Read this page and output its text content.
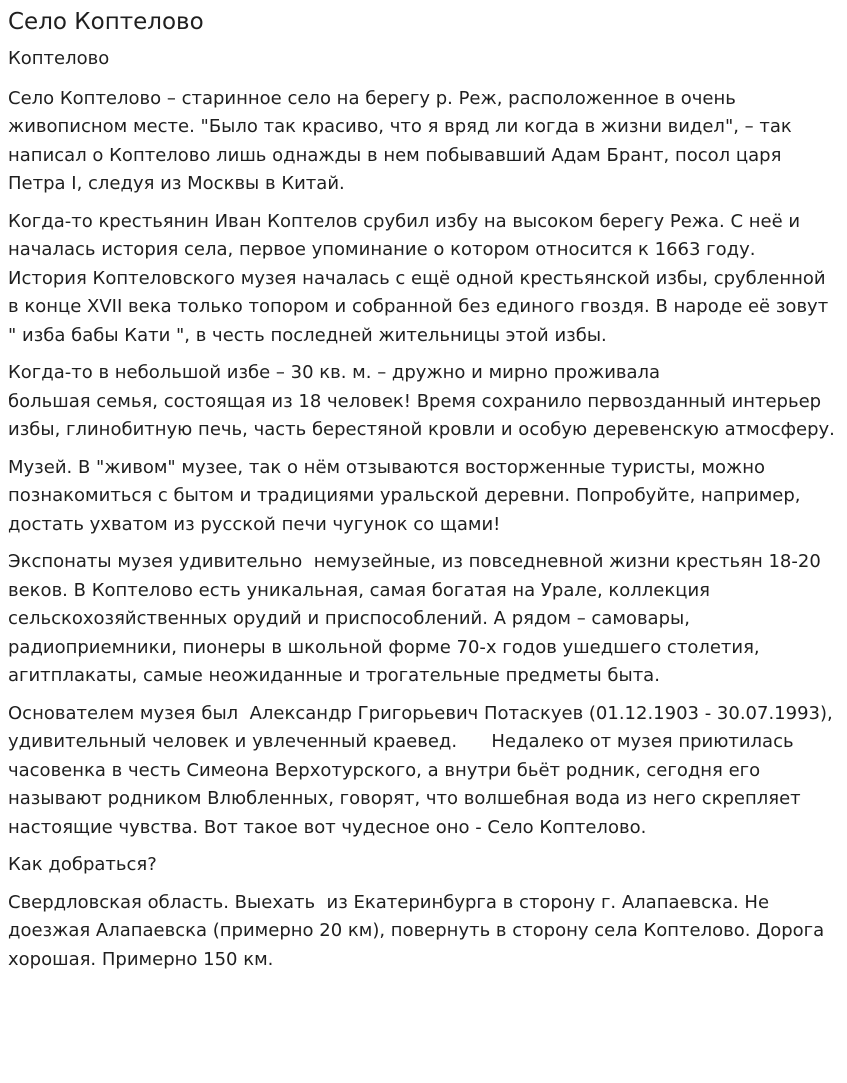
Село Коптелово

Коптелово

Село Коптелово – старинное село на берегу р. Реж, расположенное в очень живописном месте. "Было так красиво, что я вряд ли когда в жизни видел", – так написал о Коптелово лишь однажды в нем побывавший Адам Брант, посол царя Петра I, следуя из Москвы в Китай.

Когда-то крестьянин Иван Коптелов срубил избу на высоком берегу Режа. С неё и началась история села, первое упоминание о котором относится к 1663 году. История Коптеловского музея началась с ещё одной крестьянской избы, срубленной в конце XVII века только топором и собранной без единого гвоздя. В народе её зовут " изба бабы Кати ", в честь последней жительницы этой избы.

Когда-то в небольшой избе – 30 кв. м. – дружно и мирно проживала
большая семья, состоящая из 18 человек! Время сохранило первозданный интерьер избы, глинобитную печь, часть берестяной кровли и особую деревенскую атмосферу.

Музей. В "живом" музее, так о нём отзываются восторженные туристы, можно познакомиться с бытом и традициями уральской деревни. Попробуйте, например, достать ухватом из русской печи чугунок со щами!

Экспонаты музея удивительно  немузейные, из повседневной жизни крестьян 18-20 веков. В Коптелово есть уникальная, самая богатая на Урале, коллекция сельскохозяйственных орудий и приспособлений. А рядом – самовары, радиоприемники, пионеры в школьной форме 70-х годов ушедшего столетия, агитплакаты, самые неожиданные и трогательные предметы быта.

Основателем музея был  Александр Григорьевич Потаскуев (01.12.1903 - 30.07.1993), удивительный человек и увлеченный краевед.      Недалеко от музея приютилась часовенка в честь Симеона Верхотурского, а внутри бьёт родник, сегодня его называют родником Влюбленных, говорят, что волшебная вода из него скрепляет настоящие чувства. Вот такое вот чудесное оно - Село Коптелово.

Как добраться?

Свердловская область. Выехать  из Екатеринбурга в сторону г. Алапаевска. Не доезжая Алапаевска (примерно 20 км), повернуть в сторону села Коптелово. Дорога хорошая. Примерно 150 км.
